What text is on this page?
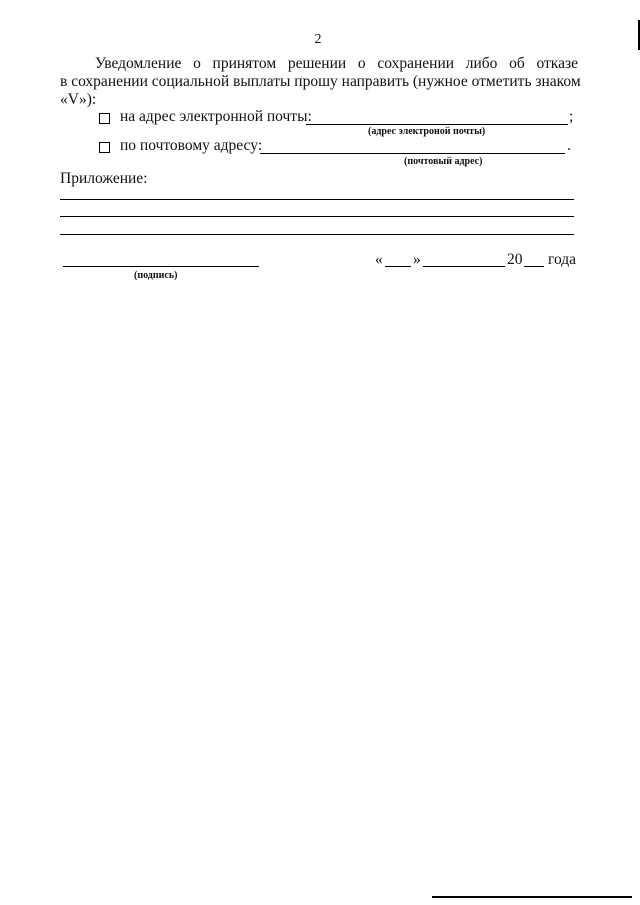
2
Уведомление о принятом решении о сохранении либо об отказе
в сохранении социальной выплаты прошу направить (нужное отметить знаком
«V»):
на адрес электронной почты:	;
(адрес электроной почты)
по почтовому адресу:	.
(почтовый адрес)
Приложение:
(подпись)
« »	20 года
